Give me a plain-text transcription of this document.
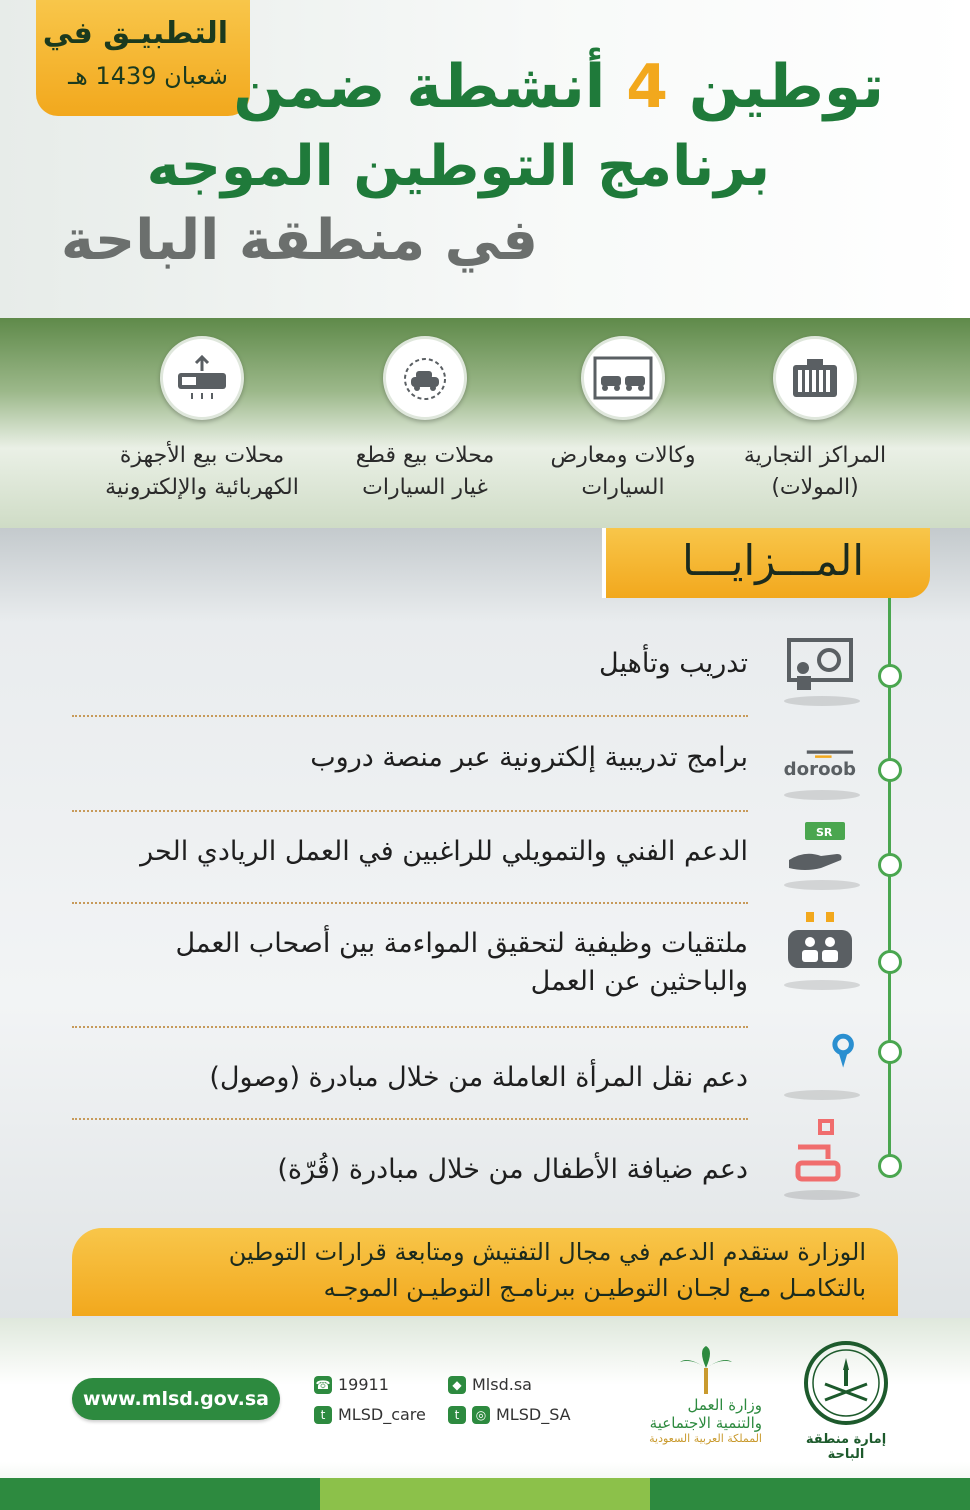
التطبيـق في
شعبان 1439 هـ	توطين 4 أنشطة ضمن
برنامج التوطين الموجه
في منطقة الباحة
المراكز التجارية
(المولات)
وكالات ومعارض
السيارات
محلات بيع قطع
غيار السيارات
محلات بيع الأجهزة
الكهربائية والإلكترونية
المـــزايـــا
تدريب وتأهيل
doroob
برامج تدريبية إلكترونية عبر منصة دروب
SR
الدعم الفني والتمويلي للراغبين في العمل الريادي الحر
ملتقيات وظيفية لتحقيق المواءمة بين أصحاب العمل
والباحثين عن العمل
دعم نقل المرأة العاملة من خلال مبادرة (وصول)
دعم ضيافة الأطفال من خلال مبادرة (قُرّة)
الوزارة ستقدم الدعم في مجال التفتيش ومتابعة قرارات التوطين
بالتكامـل مـع لجـان التوطيـن ببرنامـج التوطيـن الموجـه
www.mlsd.gov.sa
☎ 19911
t MLSD_care
◆ Mlsd.sa
t	◎ MLSD_SA	وزارة العمل
والتنمية الاجتماعية
المملكة العربية السعودية	إمارة منطقة الباحة
